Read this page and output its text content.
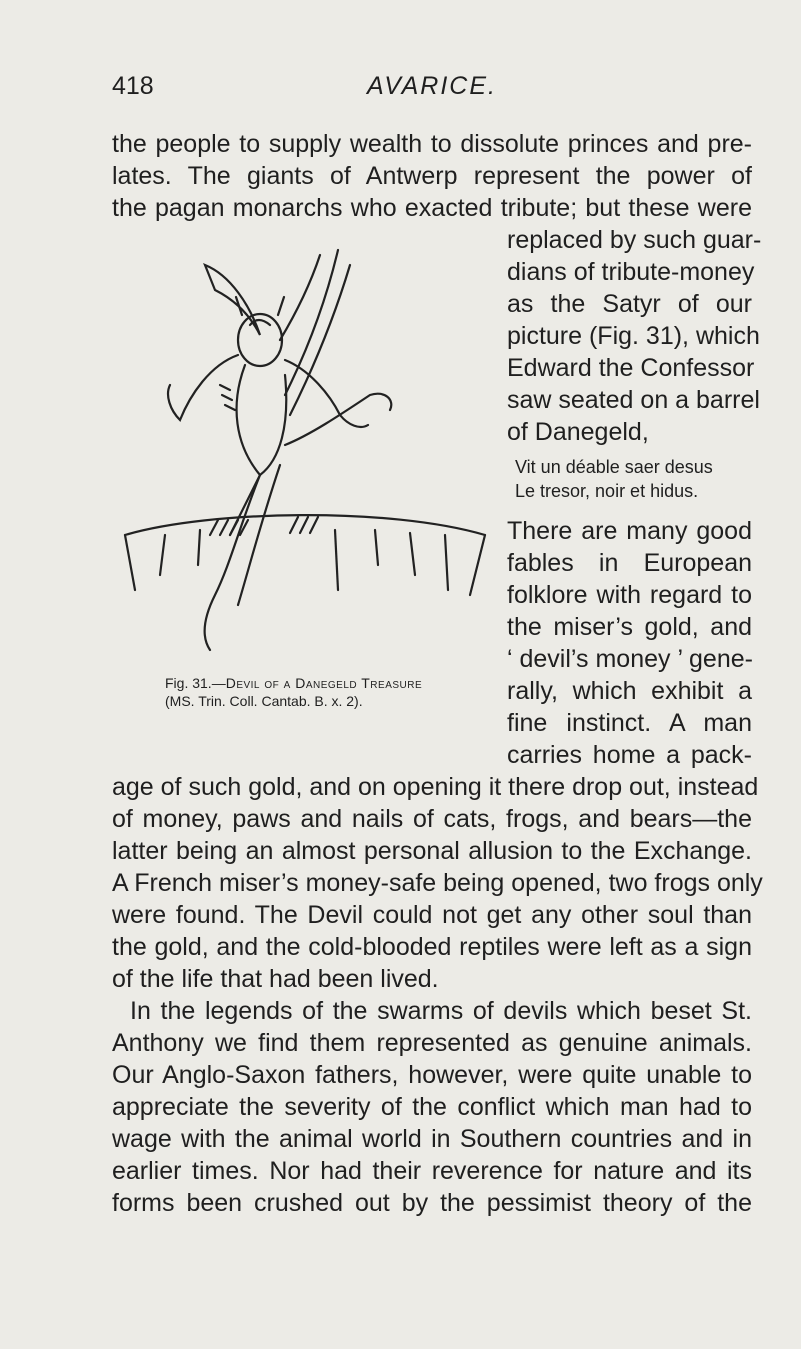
418	AVARICE.
the people to supply wealth to dissolute princes and pre-
lates. The giants of Antwerp represent the power of
the pagan monarchs who exacted tribute; but these were
replaced by such guar-
dians of tribute-money
as the Satyr of our
picture (Fig. 31), which
Edward the Confessor
saw seated on a barrel
of Danegeld,
Vit un déable saer desus
Le tresor, noir et hidus.
There are many good
fables in European
folklore with regard to
the miser’s gold, and
‘ devil’s money ’ gene-
rally, which exhibit a
fine instinct. A man
carries home a pack-
Fig. 31.—Devil of a Danegeld Treasure
(MS. Trin. Coll. Cantab. B. x. 2).
age of such gold, and on opening it there drop out, instead
of money, paws and nails of cats, frogs, and bears—the
latter being an almost personal allusion to the Exchange.
A French miser’s money-safe being opened, two frogs only
were found. The Devil could not get any other soul than
the gold, and the cold-blooded reptiles were left as a sign
of the life that had been lived.
In the legends of the swarms of devils which beset St.
Anthony we find them represented as genuine animals.
Our Anglo-Saxon fathers, however, were quite unable to
appreciate the severity of the conflict which man had to
wage with the animal world in Southern countries and in
earlier times. Nor had their reverence for nature and its
forms been crushed out by the pessimist theory of the
